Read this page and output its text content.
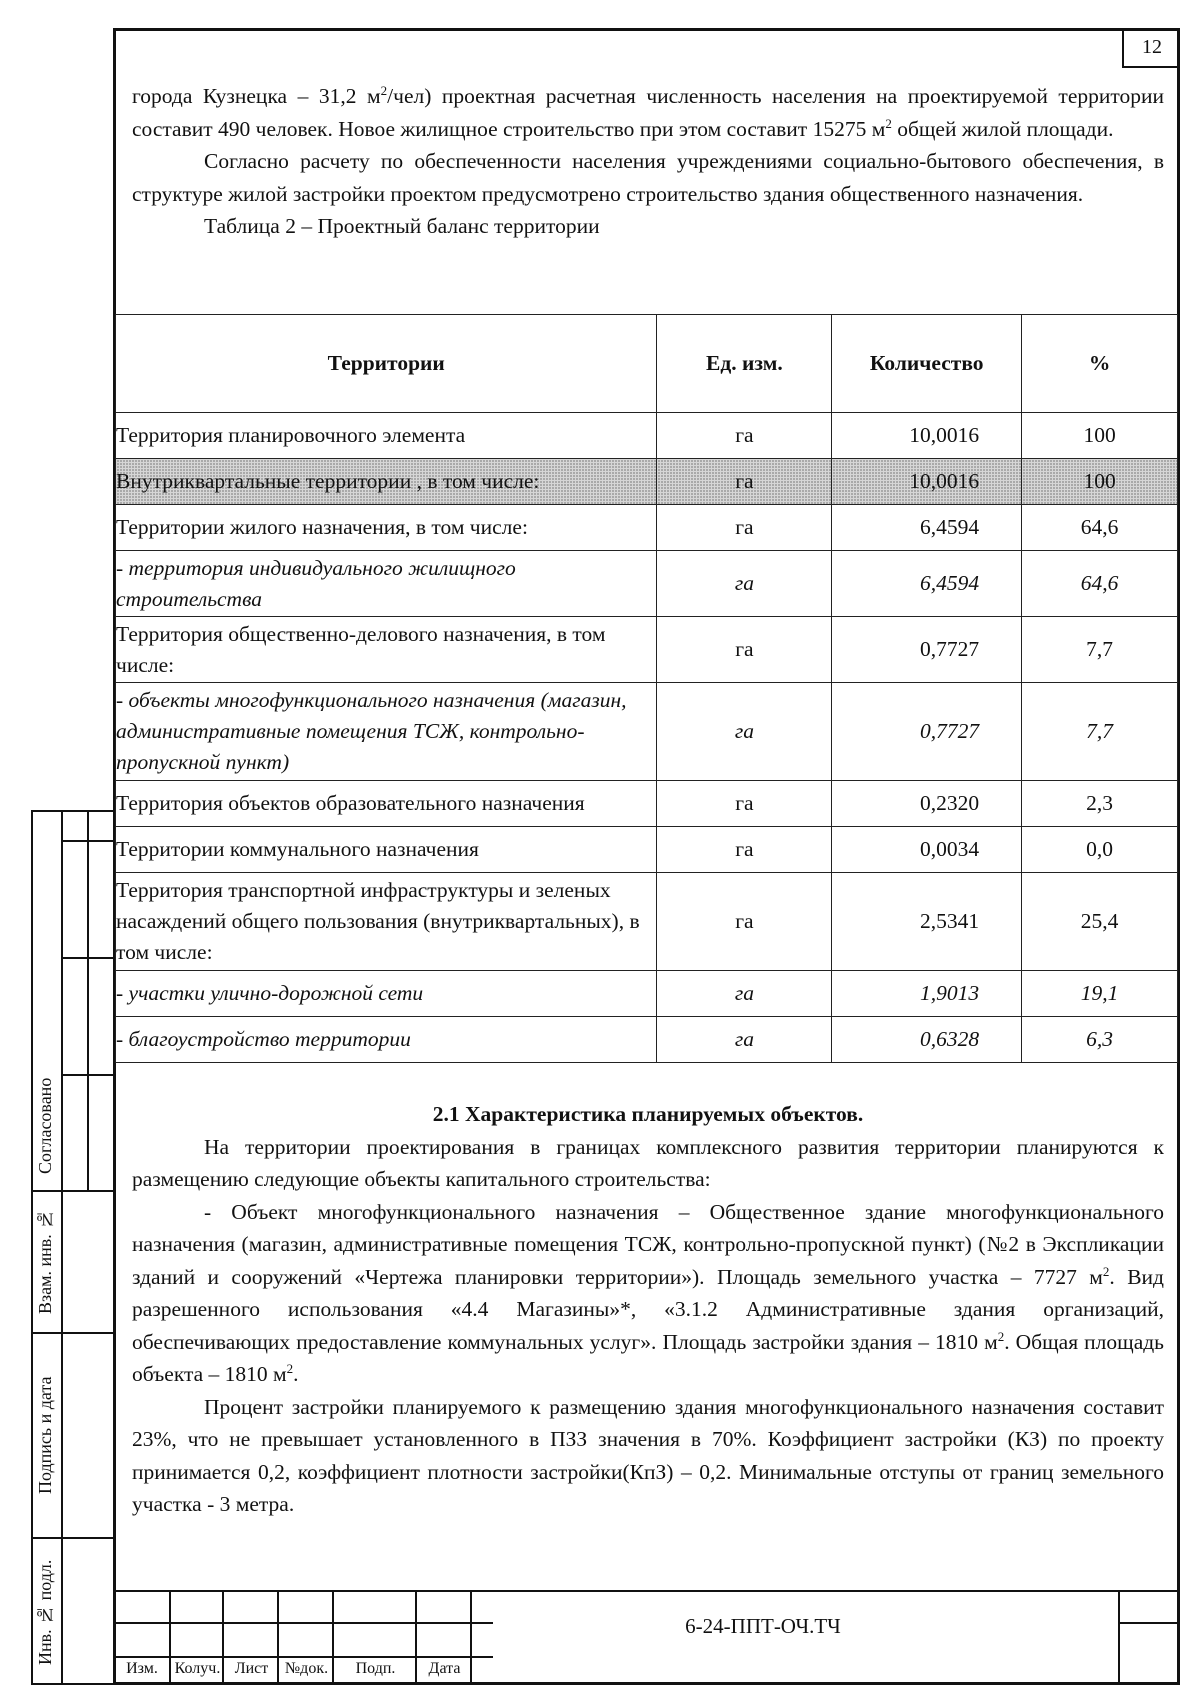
12

города Кузнецка – 31,2 $м^2/чел$) проектная расчетная численность населения на проектируемой территории составит 490 человек. Новое жилищное строительство при этом составит 15275 $м^2$ общей жилой площади.

Согласно расчету по обеспеченности населения учреждениями социально-бытового обеспечения, в структуре жилой застройки проектом предусмотрено строительство здания общественного назначения.

Таблица 2 – Проектный баланс территории
Территории	Ед. изм.	Количество	%
Территория планировочного элемента	га	10,0016	100
Внутриквартальные территории , в том числе:	га	10,0016	100
Территории жилого назначения, в том числе:	га	6,4594	64,6
- территория индивидуального жилищного строительства	га	6,4594	64,6
Территория общественно-делового назначения, в том числе:	га	0,7727	7,7
- объекты многофункционального назначения (магазин, административные помещения ТСЖ, контрольно-пропускной пункт)	га	0,7727	7,7
Территория объектов образовательного назначения	га	0,2320	2,3
Территории коммунального назначения	га	0,0034	0,0
Территория транспортной инфраструктуры и зеленых насаждений общего пользования (внутриквартальных), в том числе:	га	2,5341	25,4
- участки улично-дорожной сети	га	1,9013	19,1
- благоустройство территории	га	0,6328	6,3

2.1 Характеристика планируемых объектов.

На территории проектирования в границах комплексного развития территории планируются к размещению следующие объекты капитального строительства:

- Объект многофункционального назначения – Общественное здание многофункционального назначения (магазин, административные помещения ТСЖ, контрольно-пропускной пункт) (№2 в Экспликации зданий и сооружений «Чертежа планировки территории»). Площадь земельного участка – 7727 $м^2$. Вид разрешенного использования «4.4 Магазины»*, «3.1.2 Административные здания организаций, обеспечивающих предоставление коммунальных услуг». Площадь застройки здания – 1810 $м^2$. Общая площадь объекта – 1810 $м^2$.

Процент застройки планируемого к размещению здания многофункционального назначения составит 23%, что не превышает установленного в ПЗЗ значения в 70%. Коэффициент застройки (КЗ) по проекту принимается 0,2, коэффициент плотности застройки(КпЗ) – 0,2. Минимальные отступы от границ земельного участка - 3 метра.

Согласовано
Взам. инв. №
Подпись и дата
Инв. № подл.
Изм.	Колуч. Лист	№док.	Подп.	Дата
6-24-ППТ-ОЧ.ТЧ
